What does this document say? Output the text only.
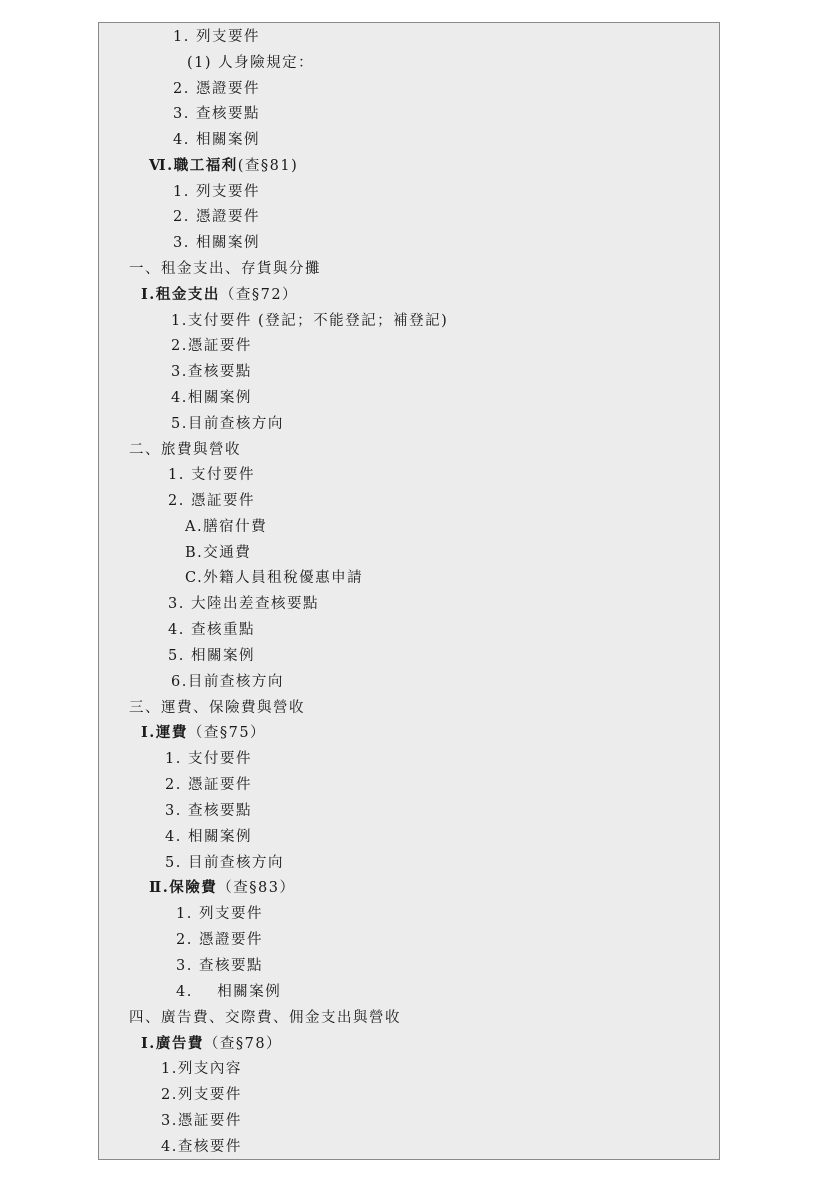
1. 列支要件
(1) 人身險規定：
2. 憑證要件
3. 查核要點
4. 相關案例
Ⅵ.職工福利(查§81)
1. 列支要件
2. 憑證要件
3. 相關案例
一、租金支出、存貨與分攤
Ⅰ.租金支出（查§72）
1.支付要件 (登記；不能登記；補登記)
2.憑証要件
3.查核要點
4.相關案例
5.目前查核方向
二、旅費與營收
1. 支付要件
2. 憑証要件
A.膳宿什費
B.交通費
C.外籍人員租稅優惠申請
3. 大陸出差查核要點
4. 查核重點
5. 相關案例
6.目前查核方向
三、運費、保險費與營收
Ⅰ.運費（查§75）
1. 支付要件
2. 憑証要件
3. 查核要點
4. 相關案例
5. 目前查核方向
Ⅱ.保險費（查§83）
1. 列支要件
2. 憑證要件
3. 查核要點
4.    相關案例
四、廣告費、交際費、佣金支出與營收
Ⅰ.廣告費（查§78）
1.列支內容
2.列支要件
3.憑証要件
4.查核要件
